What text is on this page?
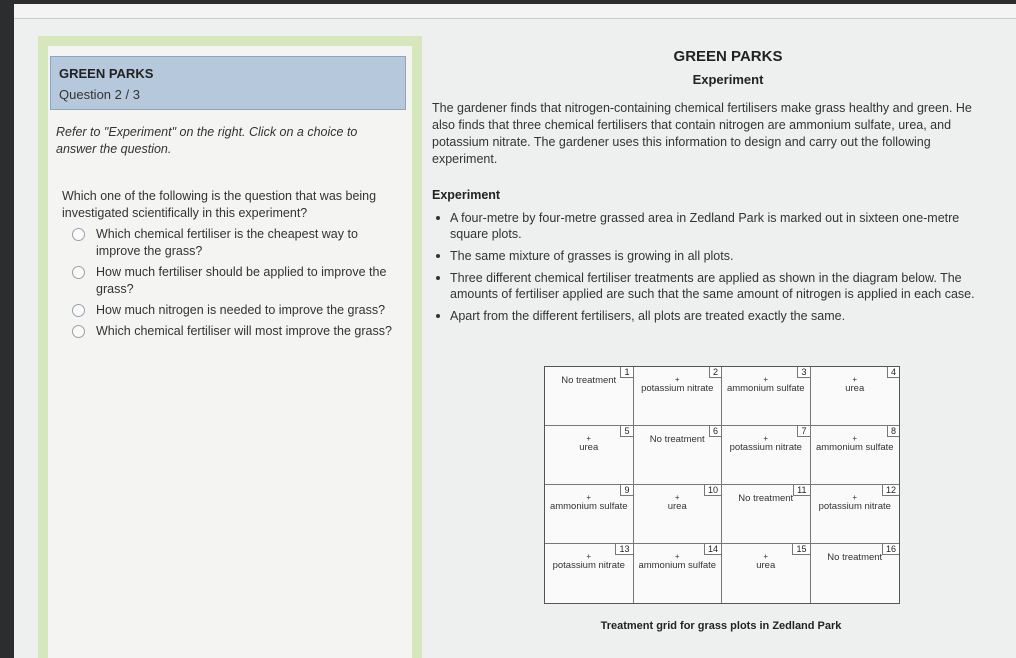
GREEN PARKS
Question 2 / 3
Refer to "Experiment" on the right. Click on a choice to answer the question.
Which one of the following is the question that was being investigated scientifically in this experiment?
Which chemical fertiliser is the cheapest way to improve the grass?
How much fertiliser should be applied to improve the grass?
How much nitrogen is needed to improve the grass?
Which chemical fertiliser will most improve the grass?
GREEN PARKS
Experiment
The gardener finds that nitrogen-containing chemical fertilisers make grass healthy and green. He also finds that three chemical fertilisers that contain nitrogen are ammonium sulfate, urea, and potassium nitrate. The gardener uses this information to design and carry out the following experiment.
Experiment
A four-metre by four-metre grassed area in Zedland Park is marked out in sixteen one-metre square plots.
The same mixture of grasses is growing in all plots.
Three different chemical fertiliser treatments are applied as shown in the diagram below. The amounts of fertiliser applied are such that the same amount of nitrogen is applied in each case.
Apart from the different fertilisers, all plots are treated exactly the same.
1
No treatment
2
+
potassium nitrate
3
+
ammonium sulfate
4
+
urea
5
+
urea
6
No treatment
7
+
potassium nitrate
8
+
ammonium sulfate
9
+
ammonium sulfate
10
+
urea
11
No treatment
12
+
potassium nitrate
13
+
potassium nitrate
14
+
ammonium sulfate
15
+
urea
16
No treatment
Treatment grid for grass plots in Zedland Park
